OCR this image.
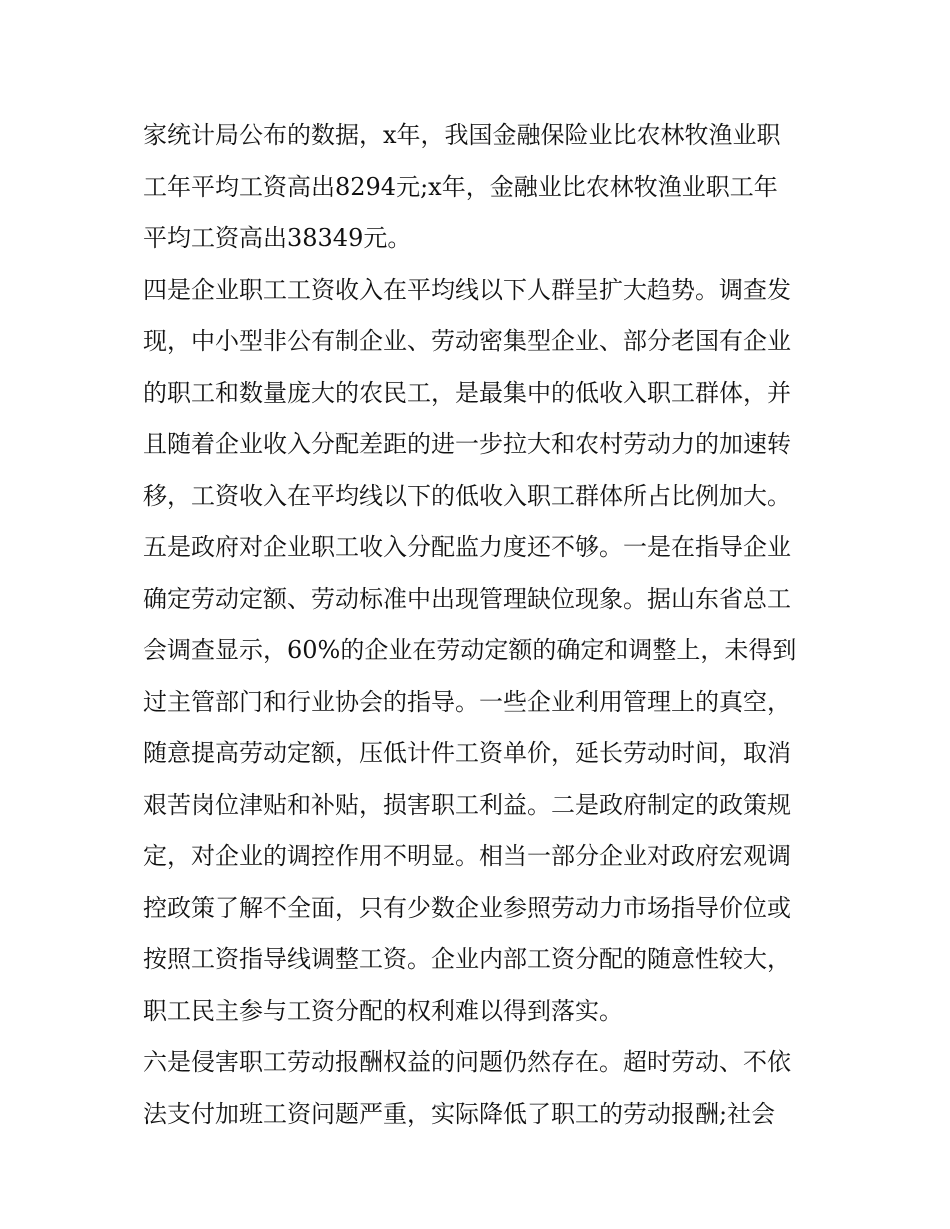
家统计局公布的数据，x年，我国金融保险业比农林牧渔业职
工年平均工资高出8294元;x年，金融业比农林牧渔业职工年
平均工资高出38349元。
四是企业职工工资收入在平均线以下人群呈扩大趋势。调查发
现，中小型非公有制企业、劳动密集型企业、部分老国有企业
的职工和数量庞大的农民工，是最集中的低收入职工群体，并
且随着企业收入分配差距的进一步拉大和农村劳动力的加速转
移，工资收入在平均线以下的低收入职工群体所占比例加大。
五是政府对企业职工收入分配监力度还不够。一是在指导企业
确定劳动定额、劳动标准中出现管理缺位现象。据山东省总工
会调查显示，60%的企业在劳动定额的确定和调整上，未得到
过主管部门和行业协会的指导。一些企业利用管理上的真空，
随意提高劳动定额，压低计件工资单价，延长劳动时间，取消
艰苦岗位津贴和补贴，损害职工利益。二是政府制定的政策规
定，对企业的调控作用不明显。相当一部分企业对政府宏观调
控政策了解不全面，只有少数企业参照劳动力市场指导价位或
按照工资指导线调整工资。企业内部工资分配的随意性较大，
职工民主参与工资分配的权利难以得到落实。
六是侵害职工劳动报酬权益的问题仍然存在。超时劳动、不依
法支付加班工资问题严重，实际降低了职工的劳动报酬;社会
